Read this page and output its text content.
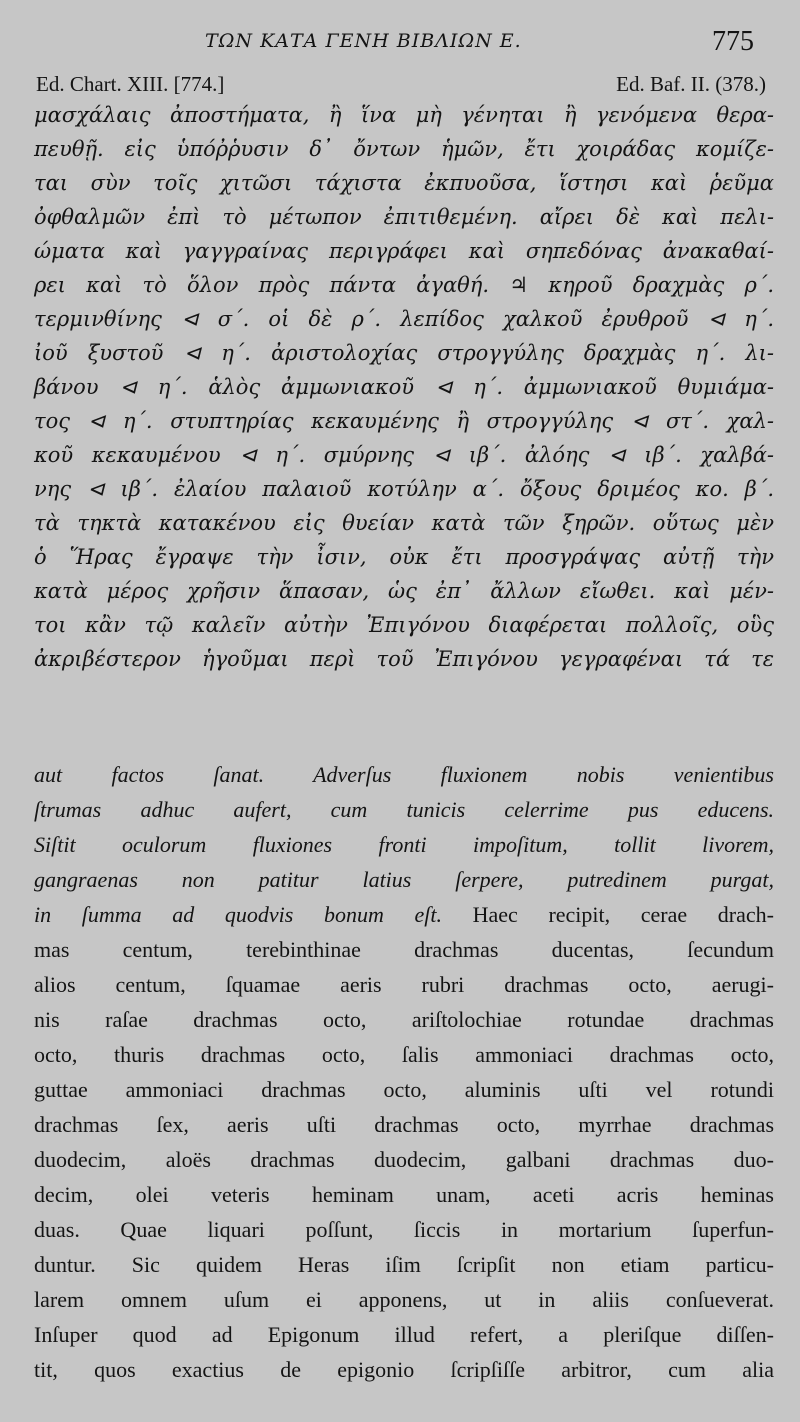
ΤΩΝ ΚΑΤΑ ΓΕΝΗ ΒΙΒΛΙΩΝ Ε.	775
Ed. Chart. XIII. [774.]	Ed. Baf. II. (378.)
μασχάλαις ἀποστήματα, ἢ ἵνα μὴ γένηται ἢ γενόμενα θερα-
πευθῇ. εἰς ὑπόῤῥυσιν δ᾽ ὄντων ἡμῶν, ἔτι χοιράδας κομίζε-
ται σὺν τοῖς χιτῶσι τάχιστα ἐκπυοῦσα, ἵστησι καὶ ῥεῦμα
ὀφθαλμῶν ἐπὶ τὸ μέτωπον ἐπιτιθεμένη. αἴρει δὲ καὶ πελι-
ώματα καὶ γαγγραίνας περιγράφει καὶ σηπεδόνας ἀνακαθαί-
ρει καὶ τὸ ὅλον πρὸς πάντα ἀγαθή. ♃ κηροῦ δραχμὰς ρ΄.
τερμινθίνης ⊲ σ΄. οἱ δὲ ρ΄. λεπίδος χαλκοῦ ἐρυθροῦ ⊲ η΄.
ἰοῦ ξυστοῦ ⊲ η΄. ἀριστολοχίας στρογγύλης δραχμὰς η΄. λι-
βάνου ⊲ η΄. ἁλὸς ἀμμωνιακοῦ ⊲ η΄. ἀμμωνιακοῦ θυμιάμα-
τος ⊲ η΄. στυπτηρίας κεκαυμένης ἢ στρογγύλης ⊲ στ΄. χαλ-
κοῦ κεκαυμένου ⊲ η΄. σμύρνης ⊲ ιβ΄. ἀλόης ⊲ ιβ΄. χαλβά-
νης ⊲ ιβ΄. ἐλαίου παλαιοῦ κοτύλην α΄. ὄξους δριμέος κο. β΄.
τὰ τηκτὰ κατακένου εἰς θυείαν κατὰ τῶν ξηρῶν. οὕτως μὲν
ὁ Ἥρας ἔγραψε τὴν ἶσιν, οὐκ ἔτι προσγράψας αὐτῇ τὴν
κατὰ μέρος χρῆσιν ἅπασαν, ὡς ἐπ᾽ ἄλλων εἴωθει. καὶ μέν-
τοι κἂν τῷ καλεῖν αὐτὴν Ἐπιγόνου διαφέρεται πολλοῖς, οὓς
ἀκριβέστερον ἡγοῦμαι περὶ τοῦ Ἐπιγόνου γεγραφέναι τά τε
aut factos ſanat. Adverſus fluxionem nobis venientibus
ſtrumas adhuc aufert, cum tunicis celerrime pus educens.
Siſtit oculorum fluxiones fronti impoſitum, tollit livorem,
gangraenas non patitur latius ſerpere, putredinem purgat,
in ſumma ad quodvis bonum eſt. Haec recipit, cerae drach-
mas centum, terebinthinae drachmas ducentas, ſecundum
alios centum, ſquamae aeris rubri drachmas octo, aerugi-
nis raſae drachmas octo, ariſtolochiae rotundae drachmas
octo, thuris drachmas octo, ſalis ammoniaci drachmas octo,
guttae ammoniaci drachmas octo, aluminis uſti vel rotundi
drachmas ſex, aeris uſti drachmas octo, myrrhae drachmas
duodecim, aloës drachmas duodecim, galbani drachmas duo-
decim, olei veteris heminam unam, aceti acris heminas
duas. Quae liquari poſſunt, ſiccis in mortarium ſuperfun-
duntur. Sic quidem Heras iſim ſcripſit non etiam particu-
larem omnem uſum ei apponens, ut in aliis conſueverat.
Inſuper quod ad Epigonum illud refert, a pleriſque diſſen-
tit, quos exactius de epigonio ſcripſiſſe arbitror, cum alia
